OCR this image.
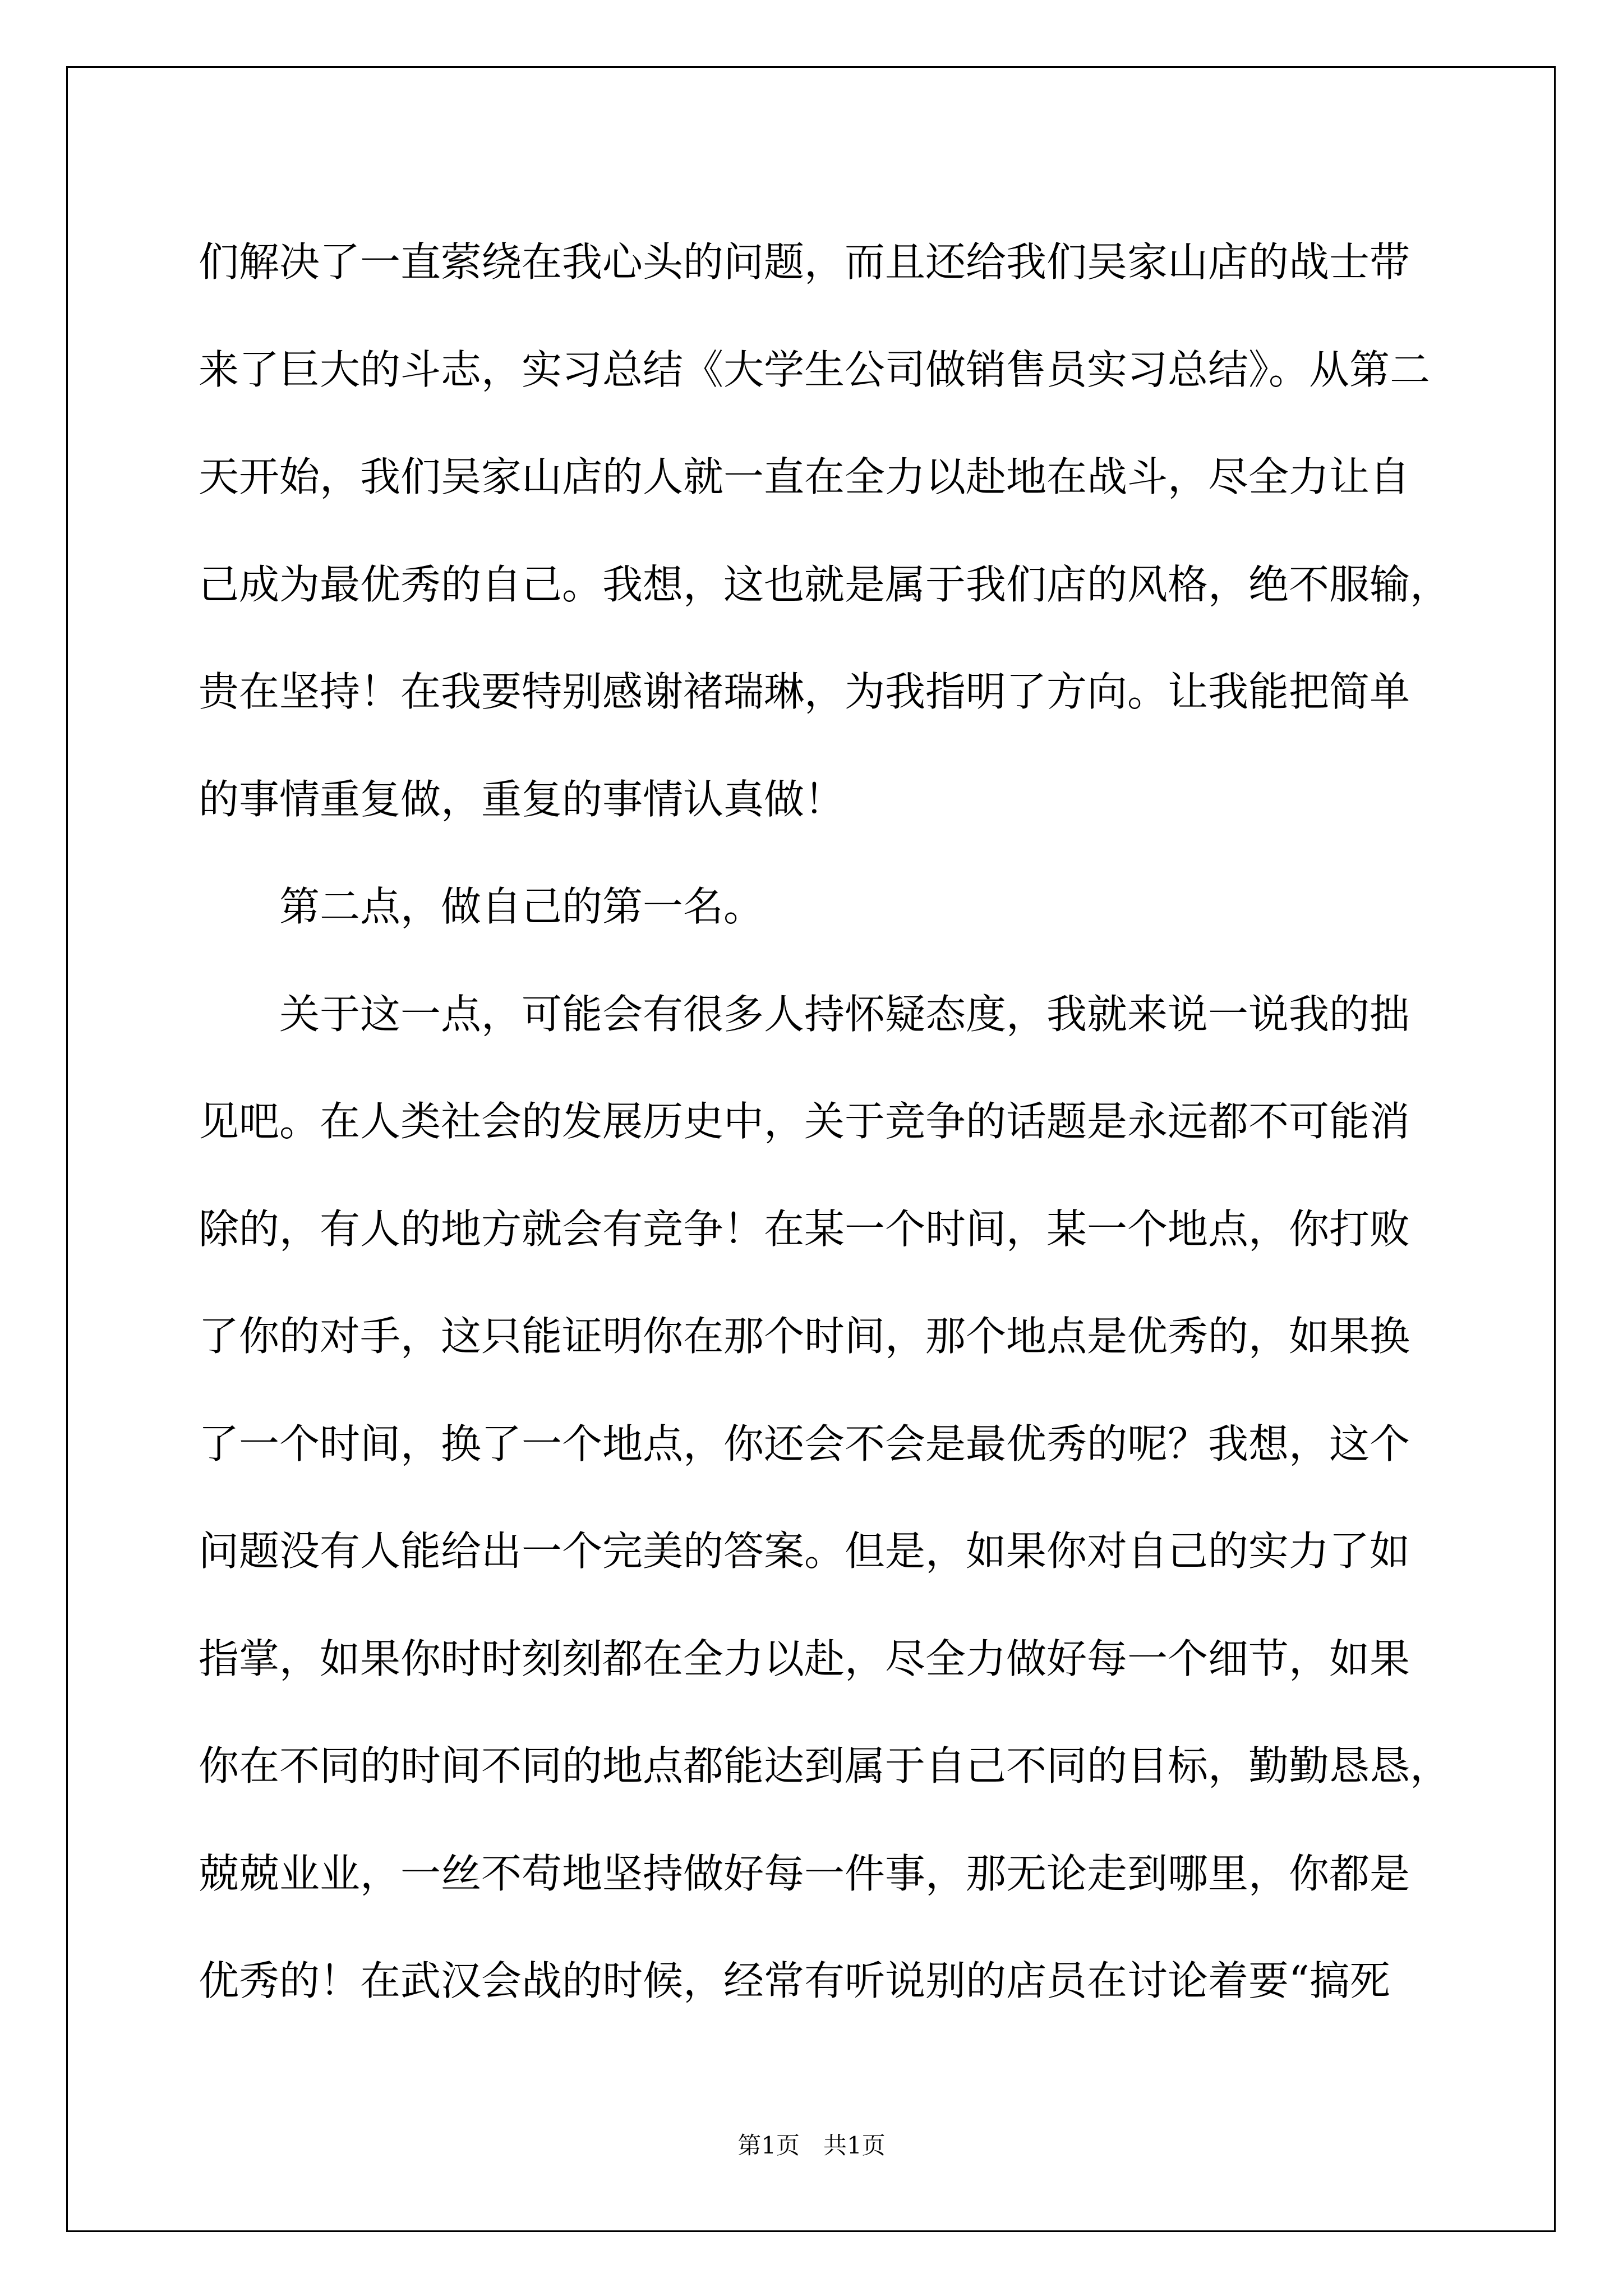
们解决了一直萦绕在我心头的问题，而且还给我们吴家山店的战士带
来了巨大的斗志，实习总结《大学生公司做销售员实习总结》。从第二
天开始，我们吴家山店的人就一直在全力以赴地在战斗，尽全力让自
己成为最优秀的自己。我想，这也就是属于我们店的风格，绝不服输，
贵在坚持！在我要特别感谢褚瑞琳，为我指明了方向。让我能把简单
的事情重复做，重复的事情认真做！
　　第二点，做自己的第一名。
　　关于这一点，可能会有很多人持怀疑态度，我就来说一说我的拙
见吧。在人类社会的发展历史中，关于竞争的话题是永远都不可能消
除的，有人的地方就会有竞争！在某一个时间，某一个地点，你打败
了你的对手，这只能证明你在那个时间，那个地点是优秀的，如果换
了一个时间，换了一个地点，你还会不会是最优秀的呢？我想，这个
问题没有人能给出一个完美的答案。但是，如果你对自己的实力了如
指掌，如果你时时刻刻都在全力以赴，尽全力做好每一个细节，如果
你在不同的时间不同的地点都能达到属于自己不同的目标，勤勤恳恳，
兢兢业业，一丝不苟地坚持做好每一件事，那无论走到哪里，你都是
优秀的！在武汉会战的时候，经常有听说别的店员在讨论着要“搞死
第1页 共1页
